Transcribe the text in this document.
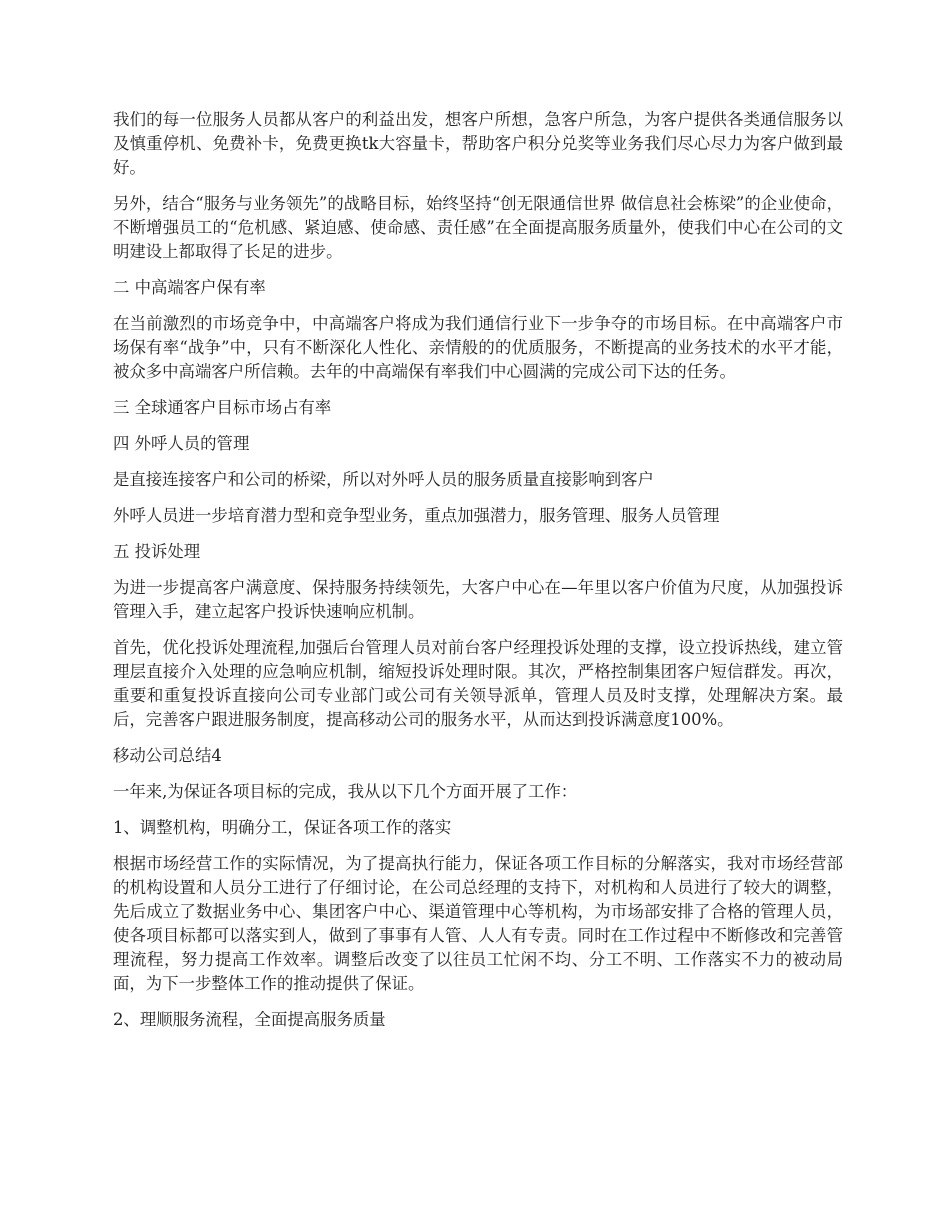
我们的每一位服务人员都从客户的利益出发，想客户所想，急客户所急，为客户提供各类通信服务以及慎重停机、免费补卡，免费更换tk大容量卡，帮助客户积分兑奖等业务我们尽心尽力为客户做到最好。

另外，结合“服务与业务领先”的战略目标，始终坚持“创无限通信世界 做信息社会栋梁”的企业使命，不断增强员工的“危机感、紧迫感、使命感、责任感”在全面提高服务质量外，使我们中心在公司的文明建设上都取得了长足的进步。

二 中高端客户保有率

在当前激烈的市场竞争中，中高端客户将成为我们通信行业下一步争夺的市场目标。在中高端客户市场保有率“战争”中，只有不断深化人性化、亲情般的的优质服务，不断提高的业务技术的水平才能，被众多中高端客户所信赖。去年的中高端保有率我们中心圆满的完成公司下达的任务。

三 全球通客户目标市场占有率

四 外呼人员的管理

是直接连接客户和公司的桥梁，所以对外呼人员的服务质量直接影响到客户

外呼人员进一步培育潜力型和竞争型业务，重点加强潜力，服务管理、服务人员管理

五 投诉处理

为进一步提高客户满意度、保持服务持续领先，大客户中心在—年里以客户价值为尺度，从加强投诉管理入手，建立起客户投诉快速响应机制。

首先，优化投诉处理流程,加强后台管理人员对前台客户经理投诉处理的支撑，设立投诉热线，建立管理层直接介入处理的应急响应机制，缩短投诉处理时限。其次，严格控制集团客户短信群发。再次，重要和重复投诉直接向公司专业部门或公司有关领导派单，管理人员及时支撑，处理解决方案。最后，完善客户跟进服务制度，提高移动公司的服务水平，从而达到投诉满意度100%。

移动公司总结4

一年来,为保证各项目标的完成，我从以下几个方面开展了工作：

1、调整机构，明确分工，保证各项工作的落实

根据市场经营工作的实际情况，为了提高执行能力，保证各项工作目标的分解落实，我对市场经营部的机构设置和人员分工进行了仔细讨论，在公司总经理的支持下，对机构和人员进行了较大的调整，先后成立了数据业务中心、集团客户中心、渠道管理中心等机构，为市场部安排了合格的管理人员，使各项目标都可以落实到人，做到了事事有人管、人人有专责。同时在工作过程中不断修改和完善管理流程，努力提高工作效率。调整后改变了以往员工忙闲不均、分工不明、工作落实不力的被动局面，为下一步整体工作的推动提供了保证。

2、理顺服务流程，全面提高服务质量
